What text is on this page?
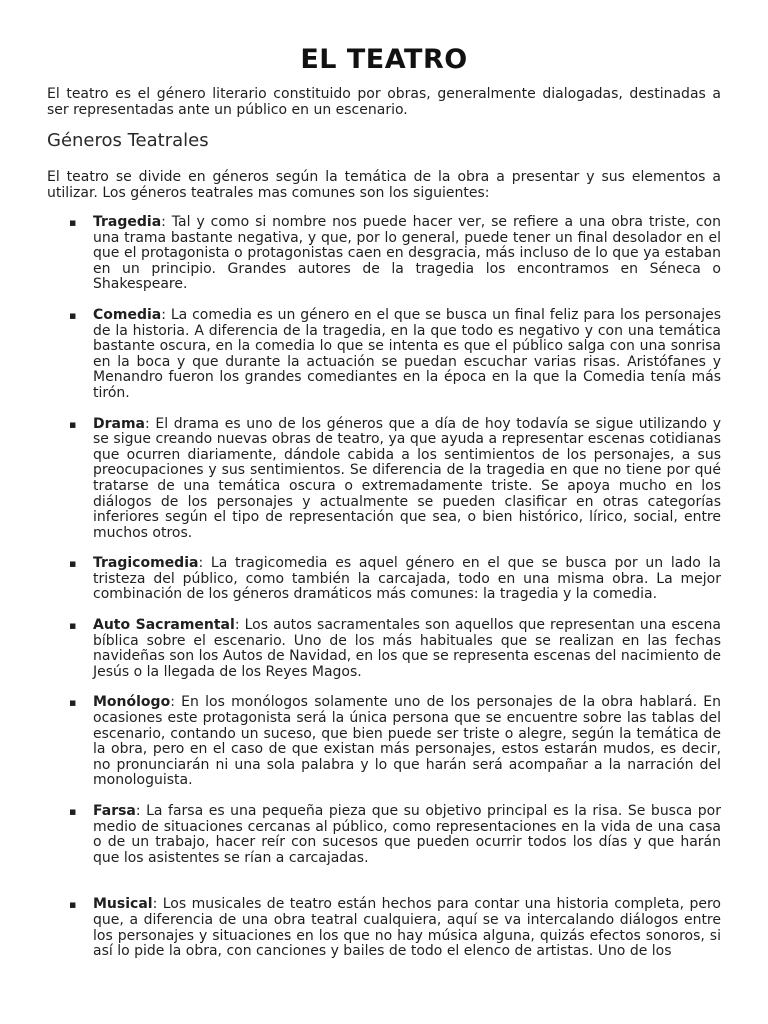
EL TEATRO

El teatro es el género literario constituido por obras, generalmente dialogadas, destinadas a ser representadas ante un público en un escenario.

Géneros Teatrales

El teatro se divide en géneros según la temática de la obra a presentar y sus elementos a utilizar. Los géneros teatrales mas comunes son los siguientes:

▪ Tragedia: Tal y como si nombre nos puede hacer ver, se refiere a una obra triste, con una trama bastante negativa, y que, por lo general, puede tener un final desolador en el que el protagonista o protagonistas caen en desgracia, más incluso de lo que ya estaban en un principio. Grandes autores de la tragedia los encontramos en Séneca o Shakespeare.
▪ Comedia: La comedia es un género en el que se busca un final feliz para los personajes de la historia. A diferencia de la tragedia, en la que todo es negativo y con una temática bastante oscura, en la comedia lo que se intenta es que el público salga con una sonrisa en la boca y que durante la actuación se puedan escuchar varias risas. Aristófanes y Menandro fueron los grandes comediantes en la época en la que la Comedia tenía más tirón.
▪ Drama: El drama es uno de los géneros que a día de hoy todavía se sigue utilizando y se sigue creando nuevas obras de teatro, ya que ayuda a representar escenas cotidianas que ocurren diariamente, dándole cabida a los sentimientos de los personajes, a sus preocupaciones y sus sentimientos. Se diferencia de la tragedia en que no tiene por qué tratarse de una temática oscura o extremadamente triste. Se apoya mucho en los diálogos de los personajes y actualmente se pueden clasificar en otras categorías inferiores según el tipo de representación que sea, o bien histórico, lírico, social, entre muchos otros.
▪ Tragicomedia: La tragicomedia es aquel género en el que se busca por un lado la tristeza del público, como también la carcajada, todo en una misma obra. La mejor combinación de los géneros dramáticos más comunes: la tragedia y la comedia.
▪ Auto Sacramental: Los autos sacramentales son aquellos que representan una escena bíblica sobre el escenario. Uno de los más habituales que se realizan en las fechas navideñas son los Autos de Navidad, en los que se representa escenas del nacimiento de Jesús o la llegada de los Reyes Magos.
▪ Monólogo: En los monólogos solamente uno de los personajes de la obra hablará. En ocasiones este protagonista será la única persona que se encuentre sobre las tablas del escenario, contando un suceso, que bien puede ser triste o alegre, según la temática de la obra, pero en el caso de que existan más personajes, estos estarán mudos, es decir, no pronunciarán ni una sola palabra y lo que harán será acompañar a la narración del monologuista.
▪ Farsa: La farsa es una pequeña pieza que su objetivo principal es la risa. Se busca por medio de situaciones cercanas al público, como representaciones en la vida de una casa o de un trabajo, hacer reír con sucesos que pueden ocurrir todos los días y que harán que los asistentes se rían a carcajadas.
▪ Musical: Los musicales de teatro están hechos para contar una historia completa, pero que, a diferencia de una obra teatral cualquiera, aquí se va intercalando diálogos entre los personajes y situaciones en los que no hay música alguna, quizás efectos sonoros, si así lo pide la obra, con canciones y bailes de todo el elenco de artistas. Uno de los
